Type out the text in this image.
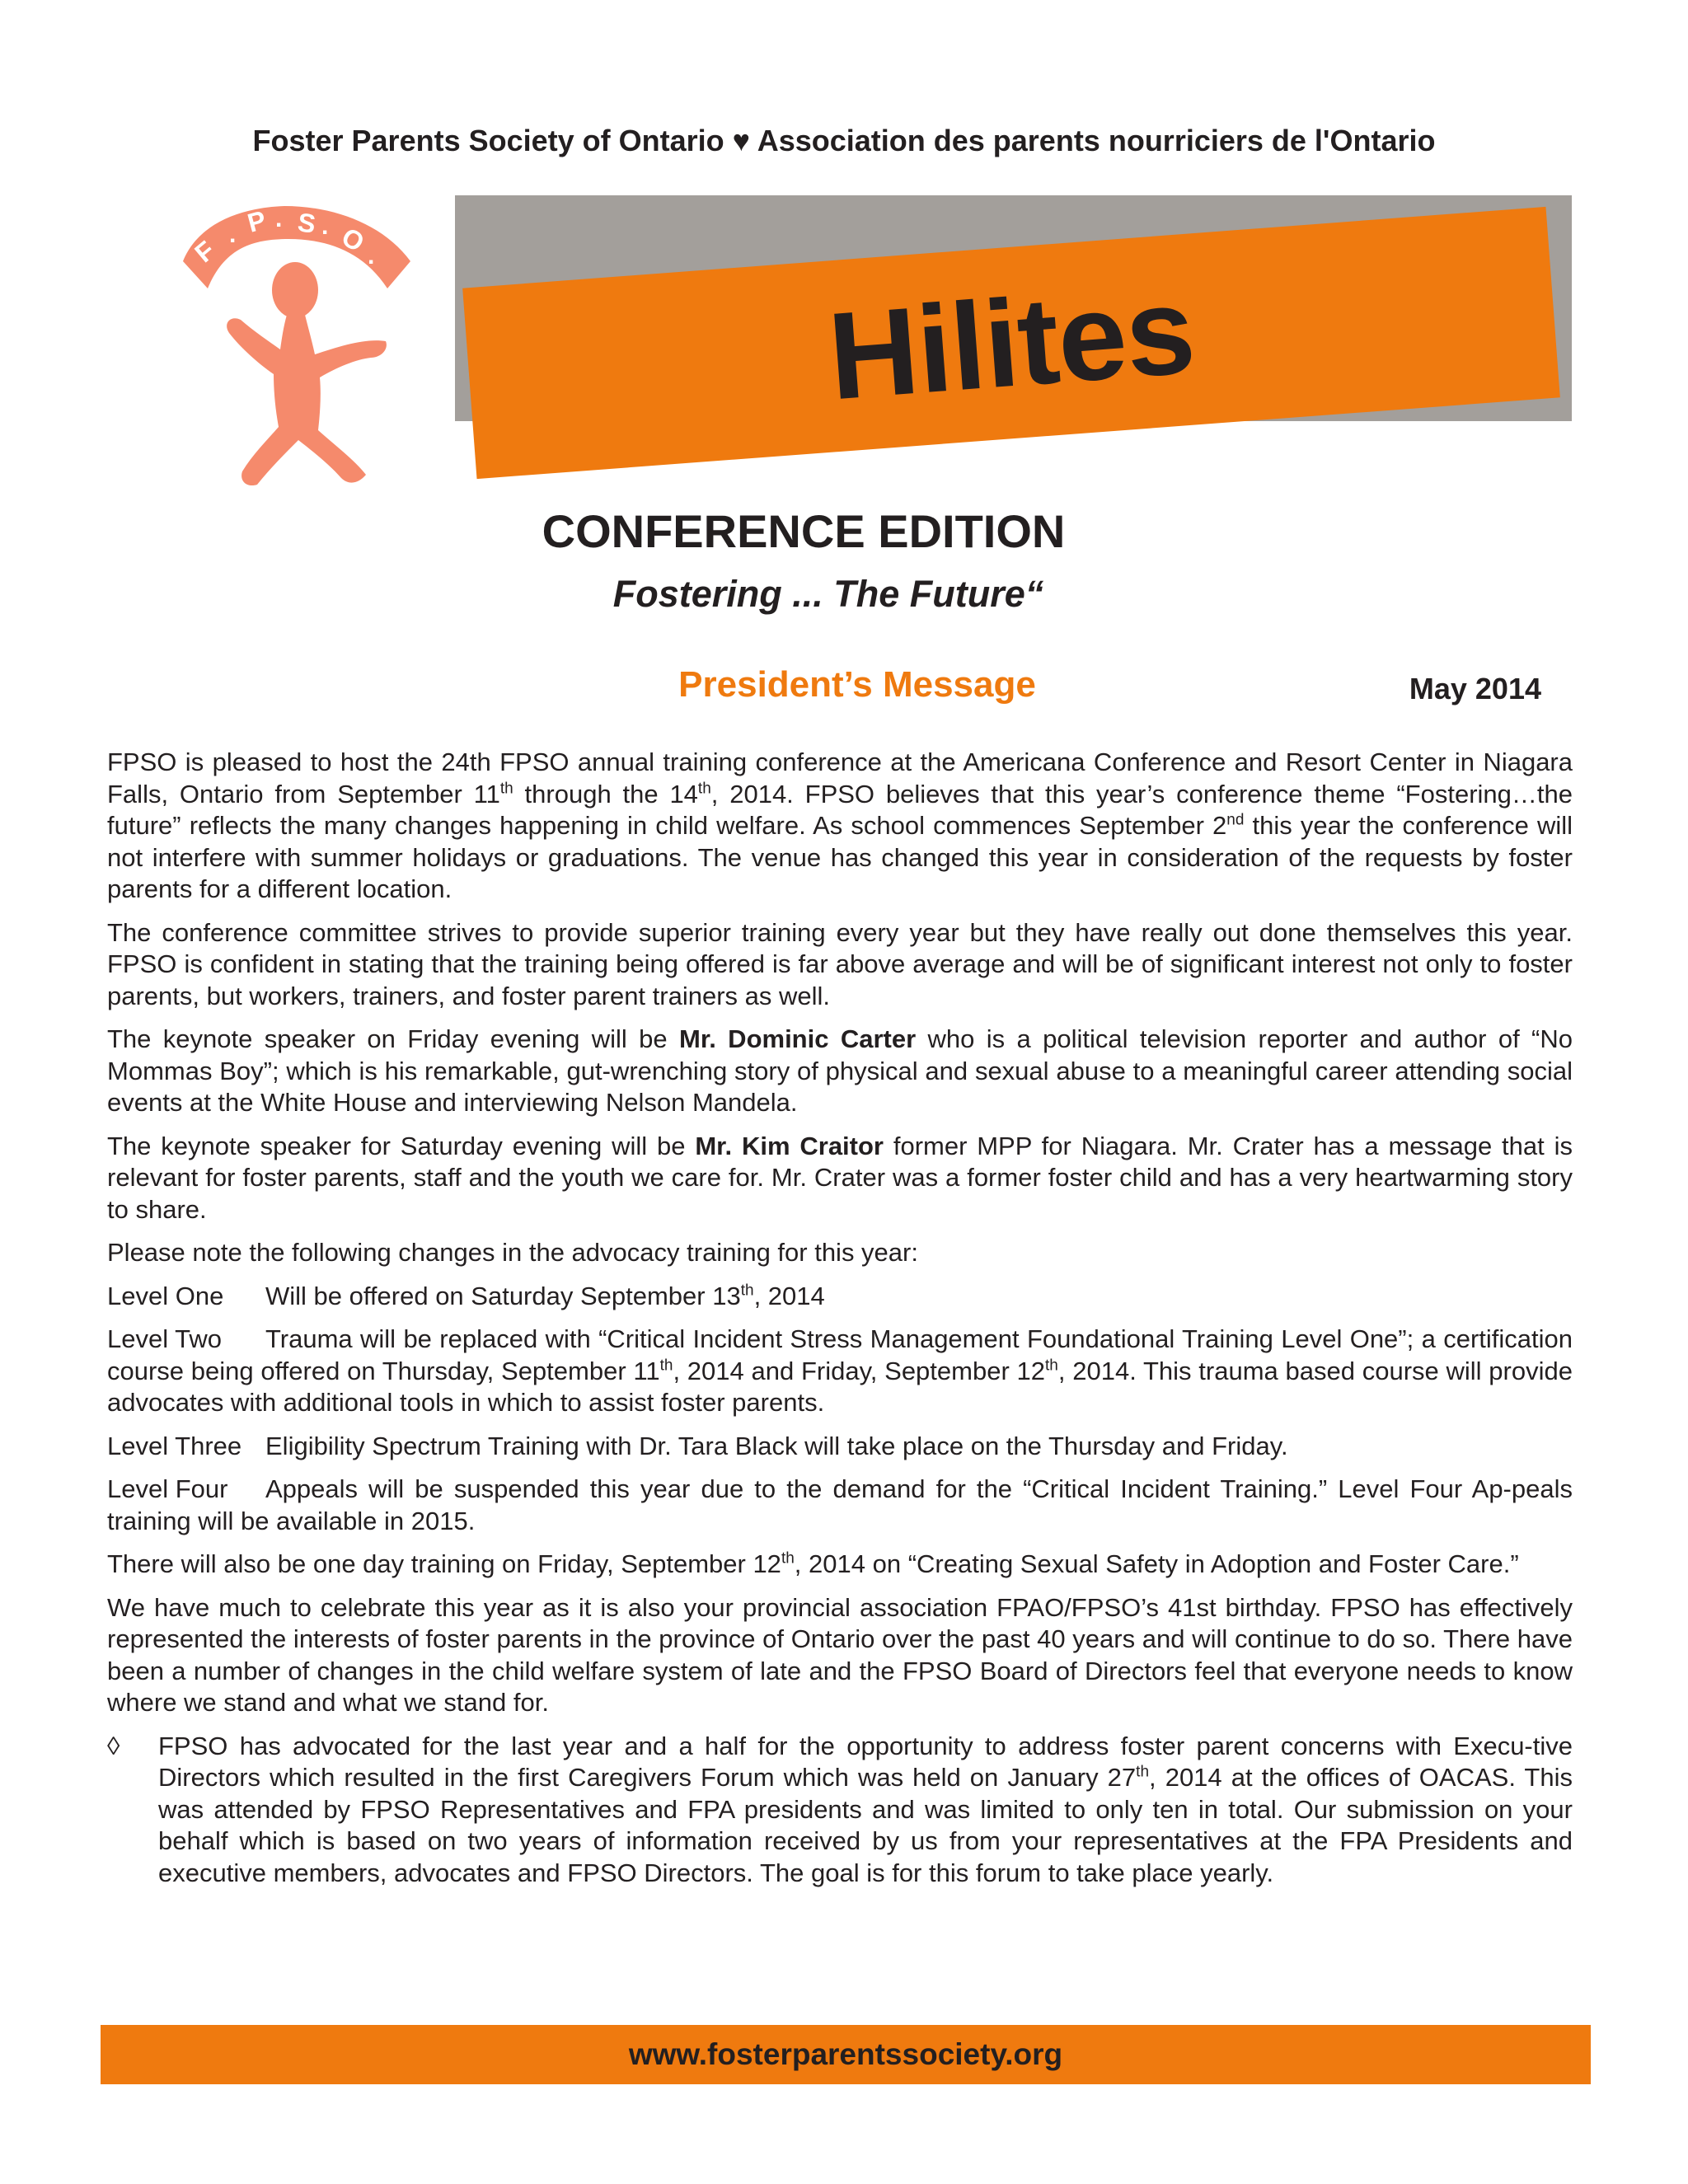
Foster Parents Society of Ontario ♥ Association des parents nourriciers de l'Ontario
F
. P . S . O
.
Hilites
CONFERENCE EDITION
Fostering ... The Future“
President’s Message	May 2014

FPSO is pleased to host the 24th FPSO annual training conference at the Americana Conference and Resort Center in Niagara Falls, Ontario from September 11th through the 14th, 2014. FPSO believes that this year’s conference theme “Fostering…the future” reflects the many changes happening in child welfare. As school commences September 2nd this year the conference will not interfere with summer holidays or graduations. The venue has changed this year in consideration of the requests by foster parents for a different location.

The conference committee strives to provide superior training every year but they have really out done themselves this year. FPSO is confident in stating that the training being offered is far above average and will be of significant interest not only to foster parents, but workers, trainers, and foster parent trainers as well.

The keynote speaker on Friday evening will be Mr. Dominic Carter who is a political television reporter and author of “No Mommas Boy”; which is his remarkable, gut-wrenching story of physical and sexual abuse to a meaningful career attending social events at the White House and interviewing Nelson Mandela.

The keynote speaker for Saturday evening will be Mr. Kim Craitor former MPP for Niagara. Mr. Crater has a message that is relevant for foster parents, staff and the youth we care for. Mr. Crater was a former foster child and has a very heartwarming story to share.

Please note the following changes in the advocacy training for this year:

Level One Will be offered on Saturday September 13th, 2014

Level Two Trauma will be replaced with “Critical Incident Stress Management Foundational Training Level One”; a certification course being offered on Thursday, September 11th, 2014 and Friday, September 12th, 2014. This trauma based course will provide advocates with additional tools in which to assist foster parents.

Level Three Eligibility Spectrum Training with Dr. Tara Black will take place on the Thursday and Friday.

Level Four Appeals will be suspended this year due to the demand for the “Critical Incident Training.” Level Four Ap-peals training will be available in 2015.

There will also be one day training on Friday, September 12th, 2014 on “Creating Sexual Safety in Adoption and Foster Care.”

We have much to celebrate this year as it is also your provincial association FPAO/FPSO’s 41st birthday. FPSO has effectively represented the interests of foster parents in the province of Ontario over the past 40 years and will continue to do so. There have been a number of changes in the child welfare system of late and the FPSO Board of Directors feel that everyone needs to know where we stand and what we stand for.

◊ FPSO has advocated for the last year and a half for the opportunity to address foster parent concerns with Execu-tive Directors which resulted in the first Caregivers Forum which was held on January 27th, 2014 at the offices of OACAS. This was attended by FPSO Representatives and FPA presidents and was limited to only ten in total. Our submission on your behalf which is based on two years of information received by us from your representatives at the FPA Presidents and executive members, advocates and FPSO Directors. The goal is for this forum to take place yearly.

www.fosterparentssociety.org
